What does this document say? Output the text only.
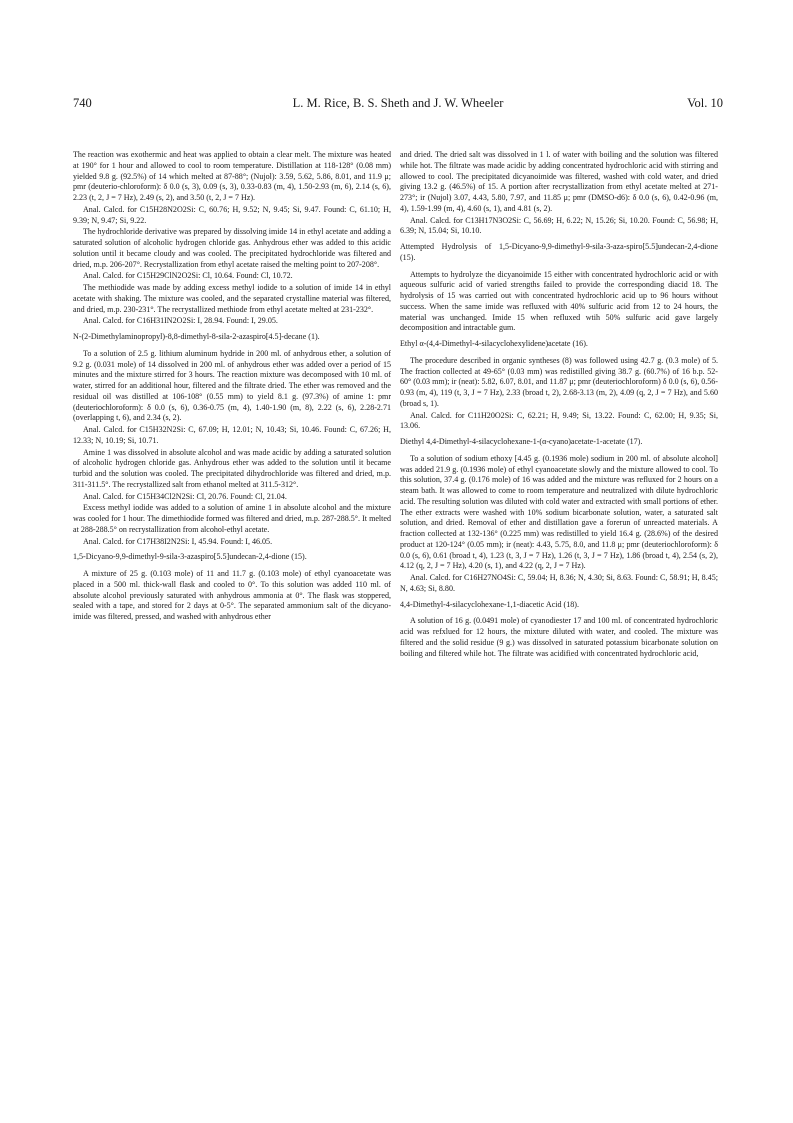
740	L. M. Rice, B. S. Sheth and J. W. Wheeler	Vol. 10

The reaction was exothermic and heat was applied to obtain a clear melt. The mixture was heated at 190° for 1 hour and allowed to cool to room temperature. Distillation at 118-128° (0.08 mm) yielded 9.8 g. (92.5%) of 14 which melted at 87-88°; (Nujol): 3.59, 5.62, 5.86, 8.01, and 11.9 μ; pmr (deuterio-chloroform): δ 0.0 (s, 3), 0.09 (s, 3), 0.33-0.83 (m, 4), 1.50-2.93 (m, 6), 2.14 (s, 6), 2.23 (t, 2, J = 7 Hz), 2.49 (s, 2), and 3.50 (t, 2, J = 7 Hz).

Anal. Calcd. for C15H28N2O2Si: C, 60.76; H, 9.52; N, 9.45; Si, 9.47. Found: C, 61.10; H, 9.39; N, 9.47; Si, 9.22.

The hydrochloride derivative was prepared by dissolving imide 14 in ethyl acetate and adding a saturated solution of alcoholic hydrogen chloride gas. Anhydrous ether was added to this acidic solution until it became cloudy and was cooled. The precipitated hydrochloride was filtered and dried, m.p. 206-207°. Recrystallization from ethyl acetate raised the melting point to 207-208°.

Anal. Calcd. for C15H29ClN2O2Si: Cl, 10.64. Found: Cl, 10.72.

The methiodide was made by adding excess methyl iodide to a solution of imide 14 in ethyl acetate with shaking. The mixture was cooled, and the separated crystalline material was filtered, and dried, m.p. 230-231°. The recrystallized methiode from ethyl acetate melted at 231-232°.

Anal. Calcd. for C16H31IN2O2Si: I, 28.94. Found: I, 29.05.

N-(2-Dimethylaminopropyl)-8,8-dimethyl-8-sila-2-azaspiro[4.5]-decane (1).

To a solution of 2.5 g. lithium aluminum hydride in 200 ml. of anhydrous ether, a solution of 9.2 g. (0.031 mole) of 14 dissolved in 200 ml. of anhydrous ether was added over a period of 15 minutes and the mixture stirred for 3 hours. The reaction mixture was decomposed with 10 ml. of water, stirred for an additional hour, filtered and the filtrate dried. The ether was removed and the residual oil was distilled at 106-108° (0.55 mm) to yield 8.1 g. (97.3%) of amine 1: pmr (deuteriochloroform): δ 0.0 (s, 6), 0.36-0.75 (m, 4), 1.40-1.90 (m, 8), 2.22 (s, 6), 2.28-2.71 (overlapping t, 6), and 2.34 (s, 2).

Anal. Calcd. for C15H32N2Si: C, 67.09; H, 12.01; N, 10.43; Si, 10.46. Found: C, 67.26; H, 12.33; N, 10.19; Si, 10.71.

Amine 1 was dissolved in absolute alcohol and was made acidic by adding a saturated solution of alcoholic hydrogen chloride gas. Anhydrous ether was added to the solution until it became turbid and the solution was cooled. The precipitated dihydrochloride was filtered and dried, m.p. 311-311.5°. The recrystallized salt from ethanol melted at 311.5-312°.

Anal. Calcd. for C15H34Cl2N2Si: Cl, 20.76. Found: Cl, 21.04.

Excess methyl iodide was added to a solution of amine 1 in absolute alcohol and the mixture was cooled for 1 hour. The dimethiodide formed was filtered and dried, m.p. 287-288.5°. It melted at 288-288.5° on recrystallization from alcohol-ethyl acetate.

Anal. Calcd. for C17H38I2N2Si: I, 45.94. Found: I, 46.05.

1,5-Dicyano-9,9-dimethyl-9-sila-3-azaspiro[5.5]undecan-2,4-dione (15).

A mixture of 25 g. (0.103 mole) of 11 and 11.7 g. (0.103 mole) of ethyl cyanoacetate was placed in a 500 ml. thick-wall flask and cooled to 0°. To this solution was added 110 ml. of absolute alcohol previously saturated with anhydrous ammonia at 0°. The flask was stoppered, sealed with a tape, and stored for 2 days at 0-5°. The separated ammonium salt of the dicyano-imide was filtered, pressed, and washed with anhydrous ether

and dried. The dried salt was dissolved in 1 l. of water with boiling and the solution was filtered while hot. The filtrate was made acidic by adding concentrated hydrochloric acid with stirring and allowed to cool. The precipitated dicyanoimide was filtered, washed with cold water, and dried giving 13.2 g. (46.5%) of 15. A portion after recrystallization from ethyl acetate melted at 271-273°; ir (Nujol) 3.07, 4.43, 5.80, 7.97, and 11.85 μ; pmr (DMSO-d6): δ 0.0 (s, 6), 0.42-0.96 (m, 4), 1.59-1.99 (m, 4), 4.60 (s, 1), and 4.81 (s, 2).

Anal. Calcd. for C13H17N3O2Si: C, 56.69; H, 6.22; N, 15.26; Si, 10.20. Found: C, 56.98; H, 6.39; N, 15.04; Si, 10.10.

Attempted Hydrolysis of 1,5-Dicyano-9,9-dimethyl-9-sila-3-aza-spiro[5.5]undecan-2,4-dione (15).

Attempts to hydrolyze the dicyanoimide 15 either with concentrated hydrochloric acid or with aqueous sulfuric acid of varied strengths failed to provide the corresponding diacid 18. The hydrolysis of 15 was carried out with concentrated hydrochloric acid up to 96 hours without success. When the same imide was refluxed with 40% sulfuric acid from 12 to 24 hours, the material was unchanged. Imide 15 when refluxed wtih 50% sulfuric acid gave largely decomposition and intractable gum.

Ethyl α-(4,4-Dimethyl-4-silacyclohexylidene)acetate (16).

The procedure described in organic syntheses (8) was followed using 42.7 g. (0.3 mole) of 5. The fraction collected at 49-65° (0.03 mm) was redistilled giving 38.7 g. (60.7%) of 16 b.p. 52-60° (0.03 mm); ir (neat): 5.82, 6.07, 8.01, and 11.87 μ; pmr (deuteriochloroform) δ 0.0 (s, 6), 0.56-0.93 (m, 4), 119 (t, 3, J = 7 Hz), 2.33 (broad t, 2), 2.68-3.13 (m, 2), 4.09 (q, 2, J = 7 Hz), and 5.60 (broad s, 1).

Anal. Calcd. for C11H20O2Si: C, 62.21; H, 9.49; Si, 13.22. Found: C, 62.00; H, 9.35; Si, 13.06.

Diethyl 4,4-Dimethyl-4-silacyclohexane-1-(α-cyano)acetate-1-acetate (17).

To a solution of sodium ethoxy [4.45 g. (0.1936 mole) sodium in 200 ml. of absolute alcohol] was added 21.9 g. (0.1936 mole) of ethyl cyanoacetate slowly and the mixture allowed to cool. To this solution, 37.4 g. (0.176 mole) of 16 was added and the mixture was refluxed for 2 hours on a steam bath. It was allowed to come to room temperature and neutralized with dilute hydrochloric acid. The resulting solution was diluted with cold water and extracted with small portions of ether. The ether extracts were washed with 10% sodium bicarbonate solution, water, a saturated salt solution, and dried. Removal of ether and distillation gave a forerun of unreacted materials. A fraction collected at 132-136° (0.225 mm) was redistilled to yield 16.4 g. (28.6%) of the desired product at 120-124° (0.05 mm); ir (neat): 4.43, 5.75, 8.0, and 11.8 μ; pmr (deuteriochloroform): δ 0.0 (s, 6), 0.61 (broad t, 4), 1.23 (t, 3, J = 7 Hz), 1.26 (t, 3, J = 7 Hz), 1.86 (broad t, 4), 2.54 (s, 2), 4.12 (q, 2, J = 7 Hz), 4.20 (s, 1), and 4.22 (q, 2, J = 7 Hz).

Anal. Calcd. for C16H27NO4Si: C, 59.04; H, 8.36; N, 4.30; Si, 8.63. Found: C, 58.91; H, 8.45; N, 4.63; Si, 8.80.

4,4-Dimethyl-4-silacyclohexane-1,1-diacetic Acid (18).

A solution of 16 g. (0.0491 mole) of cyanodiester 17 and 100 ml. of concentrated hydrochloric acid was refxlued for 12 hours, the mixture diluted with water, and cooled. The mixture was filtered and the solid residue (9 g.) was dissolved in saturated potassium bicarbonate solution on boiling and filtered while hot. The filtrate was acidified with concentrated hydrochloric acid,
